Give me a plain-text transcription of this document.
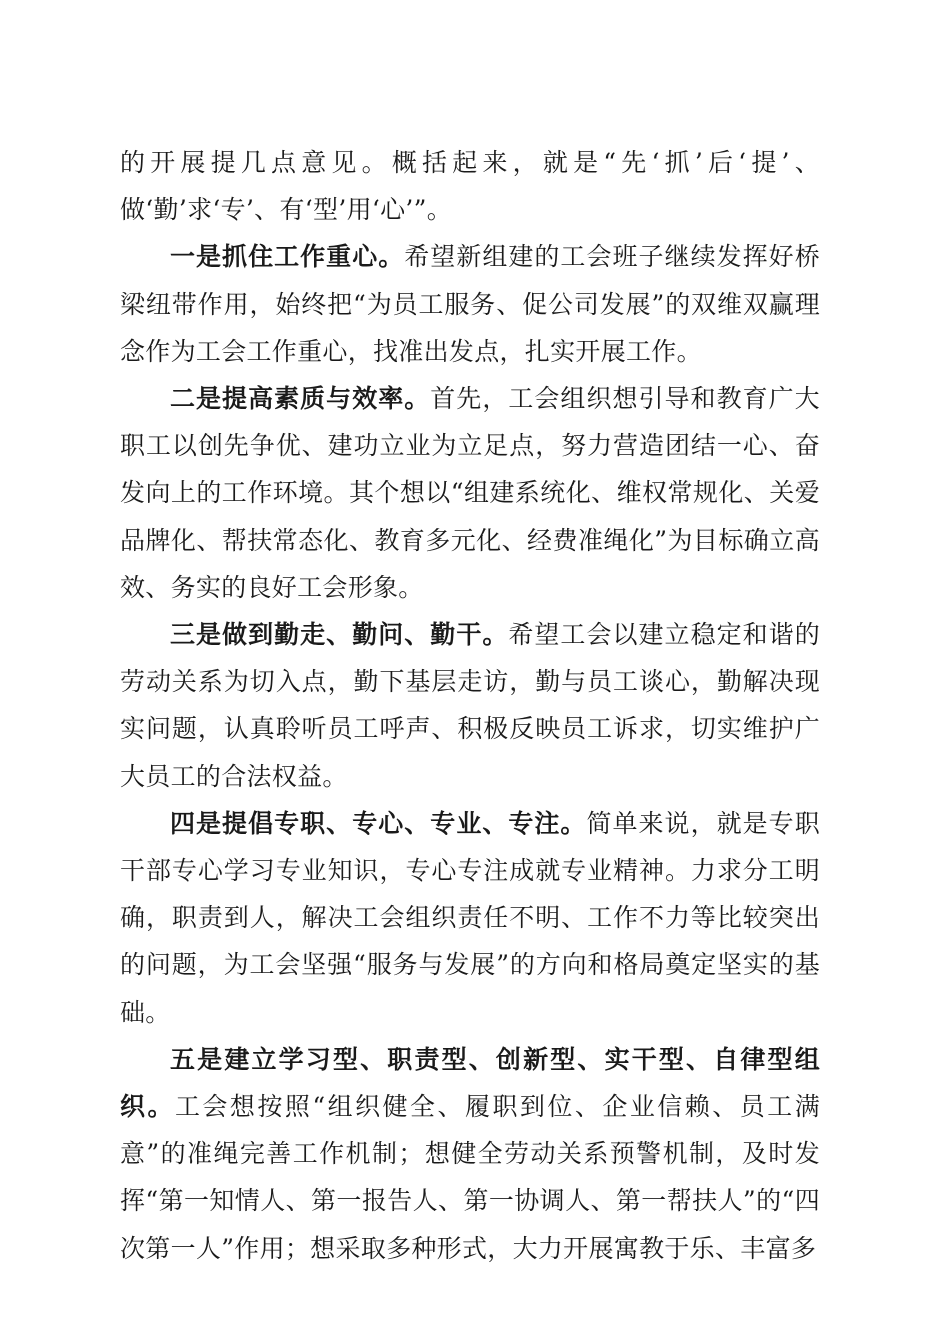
的开展提几点意见。概括起来，就是“先‘抓’后‘提’、做‘勤’求‘专’、有‘型’用‘心’”。

一是抓住工作重心。希望新组建的工会班子继续发挥好桥梁纽带作用，始终把“为员工服务、促公司发展”的双维双赢理念作为工会工作重心，找准出发点，扎实开展工作。

二是提高素质与效率。首先，工会组织想引导和教育广大职工以创先争优、建功立业为立足点，努力营造团结一心、奋发向上的工作环境。其个想以“组建系统化、维权常规化、关爱品牌化、帮扶常态化、教育多元化、经费准绳化”为目标确立高效、务实的良好工会形象。

三是做到勤走、勤问、勤干。希望工会以建立稳定和谐的劳动关系为切入点，勤下基层走访，勤与员工谈心，勤解决现实问题，认真聆听员工呼声、积极反映员工诉求，切实维护广大员工的合法权益。

四是提倡专职、专心、专业、专注。简单来说，就是专职干部专心学习专业知识，专心专注成就专业精神。力求分工明确，职责到人，解决工会组织责任不明、工作不力等比较突出的问题，为工会坚强“服务与发展”的方向和格局奠定坚实的基础。

五是建立学习型、职责型、创新型、实干型、自律型组织。工会想按照“组织健全、履职到位、企业信赖、员工满意”的准绳完善工作机制；想健全劳动关系预警机制，及时发挥“第一知情人、第一报告人、第一协调人、第一帮扶人”的“四次第一人”作用；想采取多种形式，大力开展寓教于乐、丰富多
